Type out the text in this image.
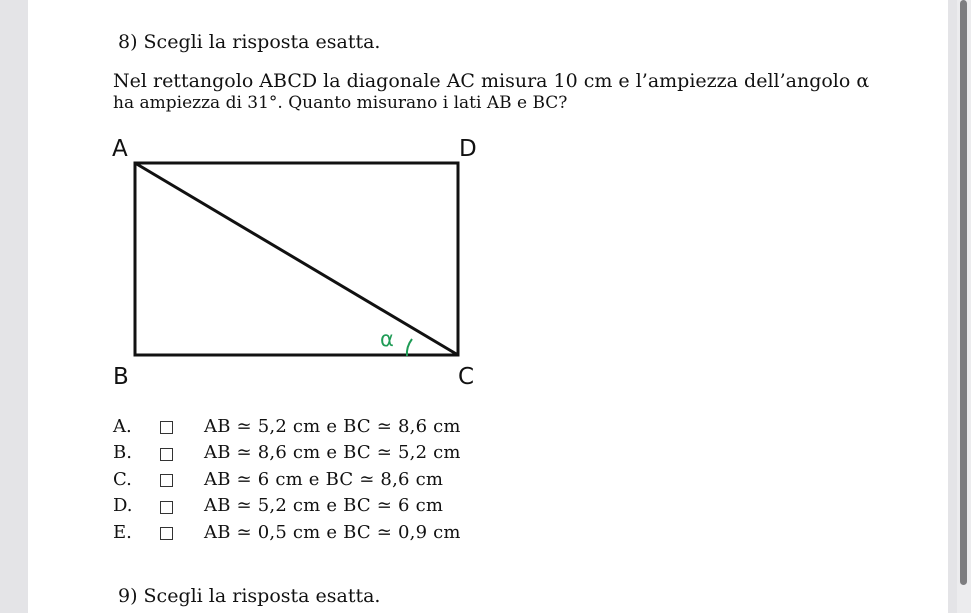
8) Scegli la risposta esatta.
Nel rettangolo ABCD la diagonale AC misura 10 cm e l’ampiezza dell’angolo α
ha ampiezza di 31°. Quanto misurano i lati AB e BC?
α
A	D
B	C
A.	AB ≃ 5,2 cm e BC ≃ 8,6 cm
B.	AB ≃ 8,6 cm e BC ≃ 5,2 cm
C.	AB ≃ 6 cm e BC ≃ 8,6 cm
D.	AB ≃ 5,2 cm e BC ≃ 6 cm
E.	AB ≃ 0,5 cm e BC ≃ 0,9 cm
9) Scegli la risposta esatta.
